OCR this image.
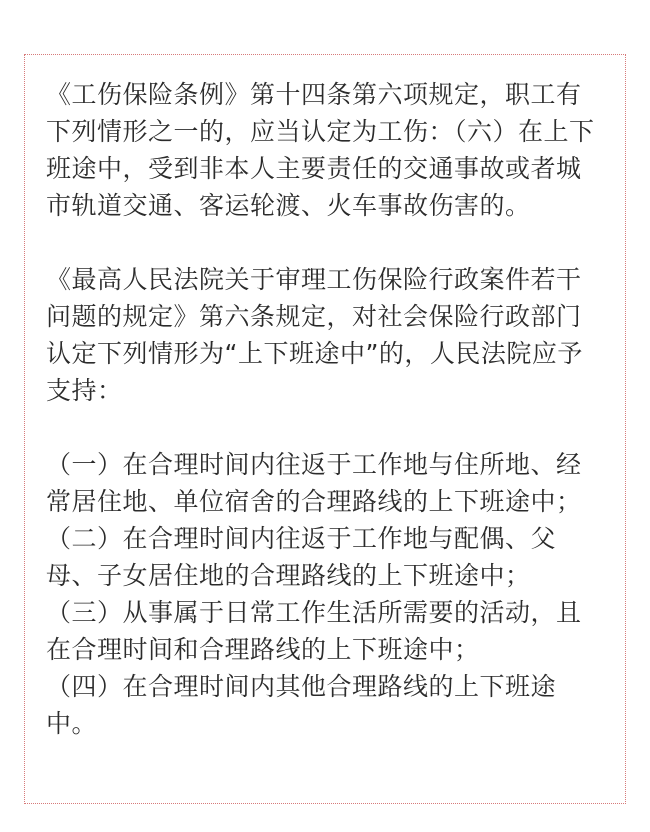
《工伤保险条例》第十四条第六项规定，职工有下列情形之一的，应当认定为工伤：（六）在上下班途中，受到非本人主要责任的交通事故或者城市轨道交通、客运轮渡、火车事故伤害的。

《最高人民法院关于审理工伤保险行政案件若干问题的规定》第六条规定，对社会保险行政部门认定下列情形为“上下班途中”的，人民法院应予支持：

（一）在合理时间内往返于工作地与住所地、经常居住地、单位宿舍的合理路线的上下班途中；

（二）在合理时间内往返于工作地与配偶、父母、子女居住地的合理路线的上下班途中；

（三）从事属于日常工作生活所需要的活动，且在合理时间和合理路线的上下班途中；

（四）在合理时间内其他合理路线的上下班途中。
